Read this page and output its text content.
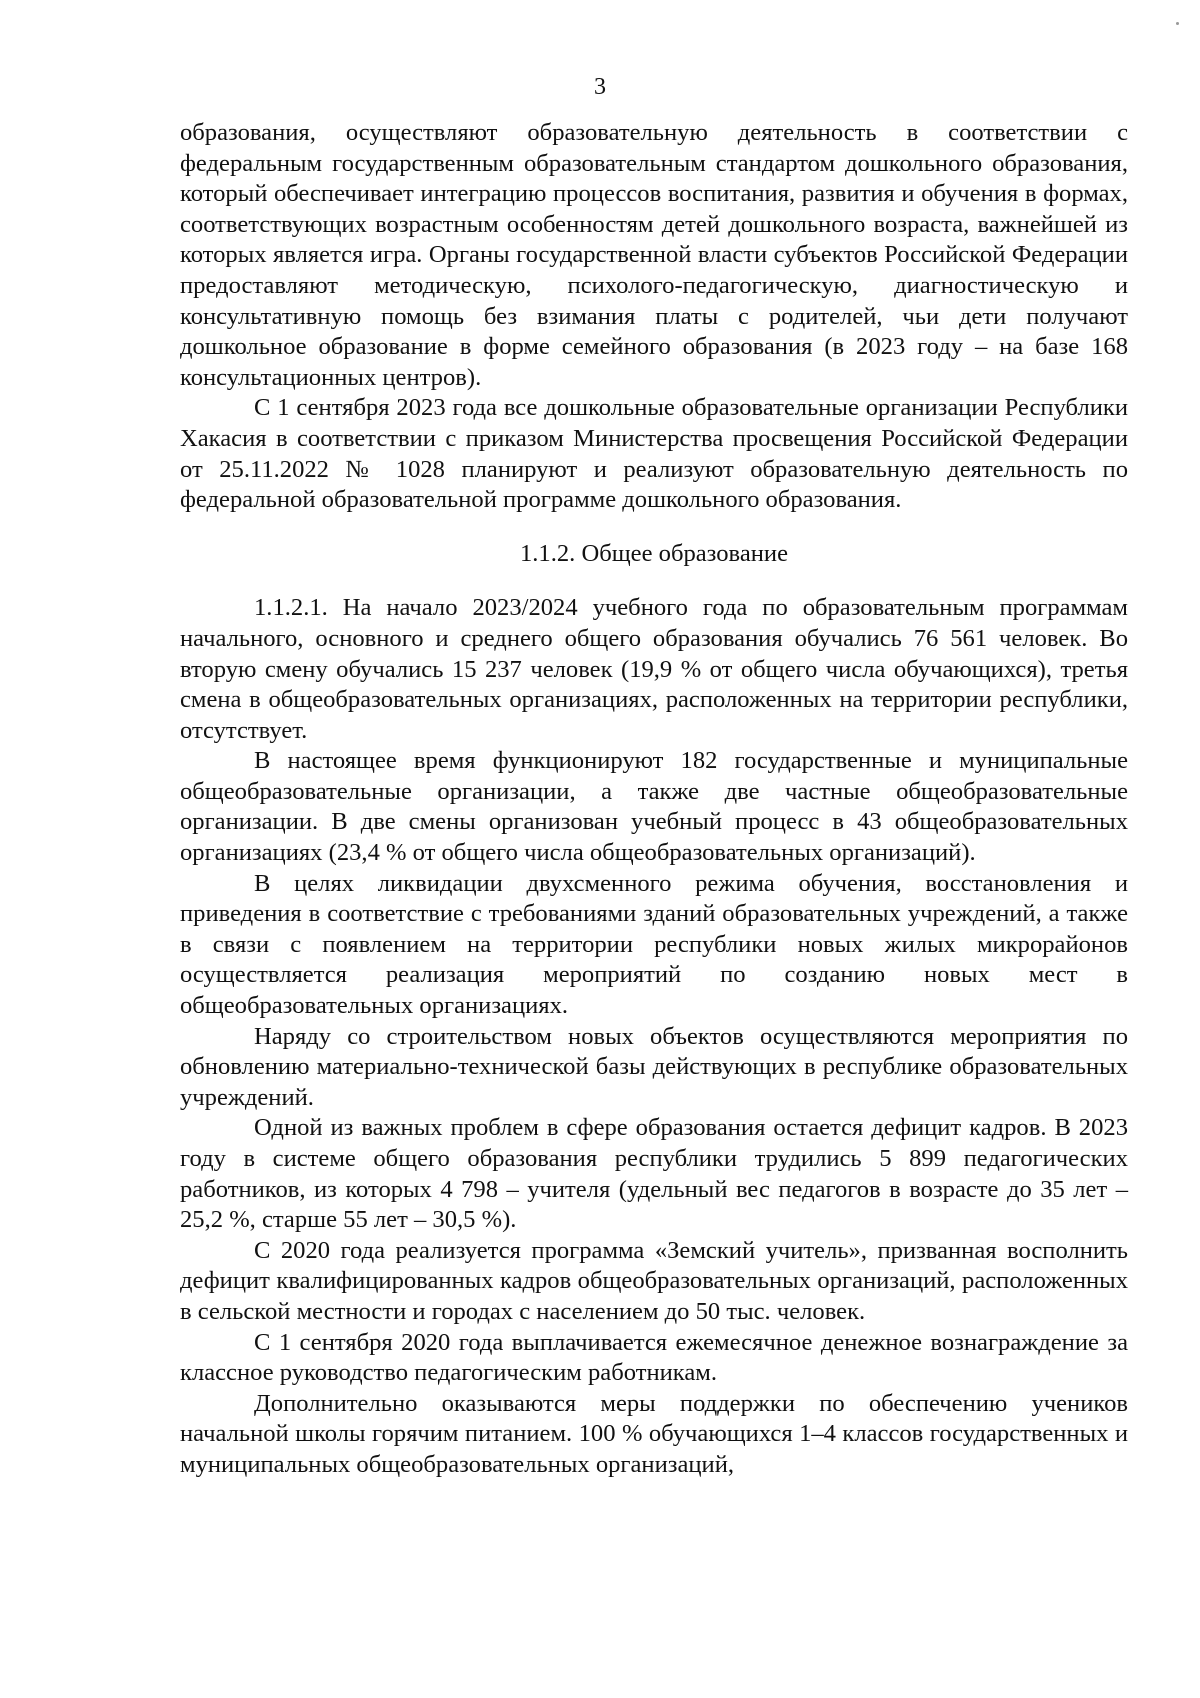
3

образования, осуществляют образовательную деятельность в соответствии с федеральным государственным образовательным стандартом дошкольного образования, который обеспечивает интеграцию процессов воспитания, развития и обучения в формах, соответствующих возрастным особенностям детей дошкольного возраста, важнейшей из которых является игра. Органы государственной власти субъектов Российской Федерации предоставляют методическую, психолого-педагогическую, диагностическую и консультативную помощь без взимания платы с родителей, чьи дети получают дошкольное образование в форме семейного образования (в 2023 году – на базе 168 консультационных центров).

С 1 сентября 2023 года все дошкольные образовательные организации Республики Хакасия в соответствии с приказом Министерства просвещения Российской Федерации от 25.11.2022 № 1028 планируют и реализуют образовательную деятельность по федеральной образовательной программе дошкольного образования.

1.1.2. Общее образование

1.1.2.1. На начало 2023/2024 учебного года по образовательным программам начального, основного и среднего общего образования обучались 76 561 человек. Во вторую смену обучались 15 237 человек (19,9 % от общего числа обучающихся), третья смена в общеобразовательных организациях, расположенных на территории республики, отсутствует.

В настоящее время функционируют 182 государственные и муниципальные общеобразовательные организации, а также две частные общеобразовательные организации. В две смены организован учебный процесс в 43 общеобразовательных организациях (23,4 % от общего числа общеобразовательных организаций).

В целях ликвидации двухсменного режима обучения, восстановления и приведения в соответствие с требованиями зданий образовательных учреждений, а также в связи с появлением на территории республики новых жилых микрорайонов осуществляется реализация мероприятий по созданию новых мест в общеобразовательных организациях.

Наряду со строительством новых объектов осуществляются мероприятия по обновлению материально-технической базы действующих в республике образовательных учреждений.

Одной из важных проблем в сфере образования остается дефицит кадров. В 2023 году в системе общего образования республики трудились 5 899 педагогических работников, из которых 4 798 – учителя (удельный вес педагогов в возрасте до 35 лет – 25,2 %, старше 55 лет – 30,5 %).

С 2020 года реализуется программа «Земский учитель», призванная восполнить дефицит квалифицированных кадров общеобразовательных организаций, расположенных в сельской местности и городах с населением до 50 тыс. человек.

С 1 сентября 2020 года выплачивается ежемесячное денежное вознаграждение за классное руководство педагогическим работникам.

Дополнительно оказываются меры поддержки по обеспечению учеников начальной школы горячим питанием. 100 % обучающихся 1–4 классов государственных и муниципальных общеобразовательных организаций,
